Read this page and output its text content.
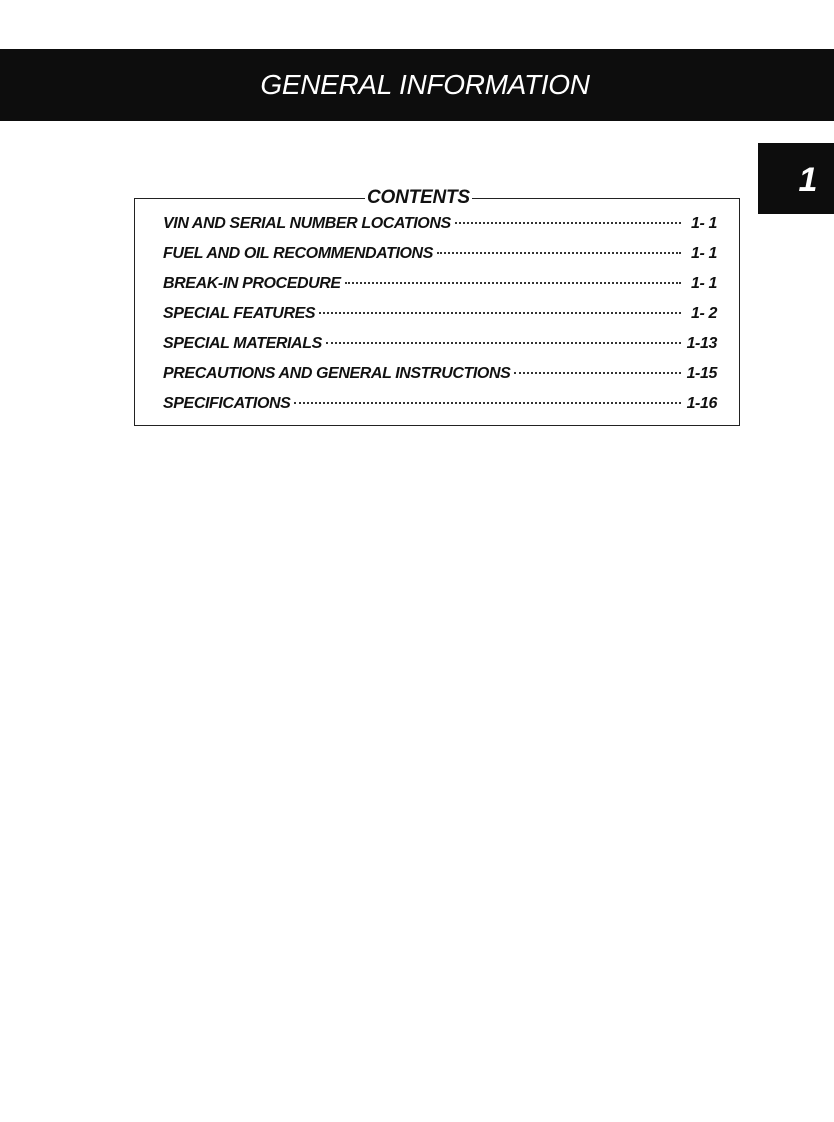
GENERAL INFORMATION
1
CONTENTS
VIN AND SERIAL NUMBER LOCATIONS	1- 1
FUEL AND OIL RECOMMENDATIONS	1- 1
BREAK-IN PROCEDURE	1- 1
SPECIAL FEATURES	1- 2
SPECIAL MATERIALS	1-13
PRECAUTIONS AND GENERAL INSTRUCTIONS	1-15
SPECIFICATIONS	1-16
